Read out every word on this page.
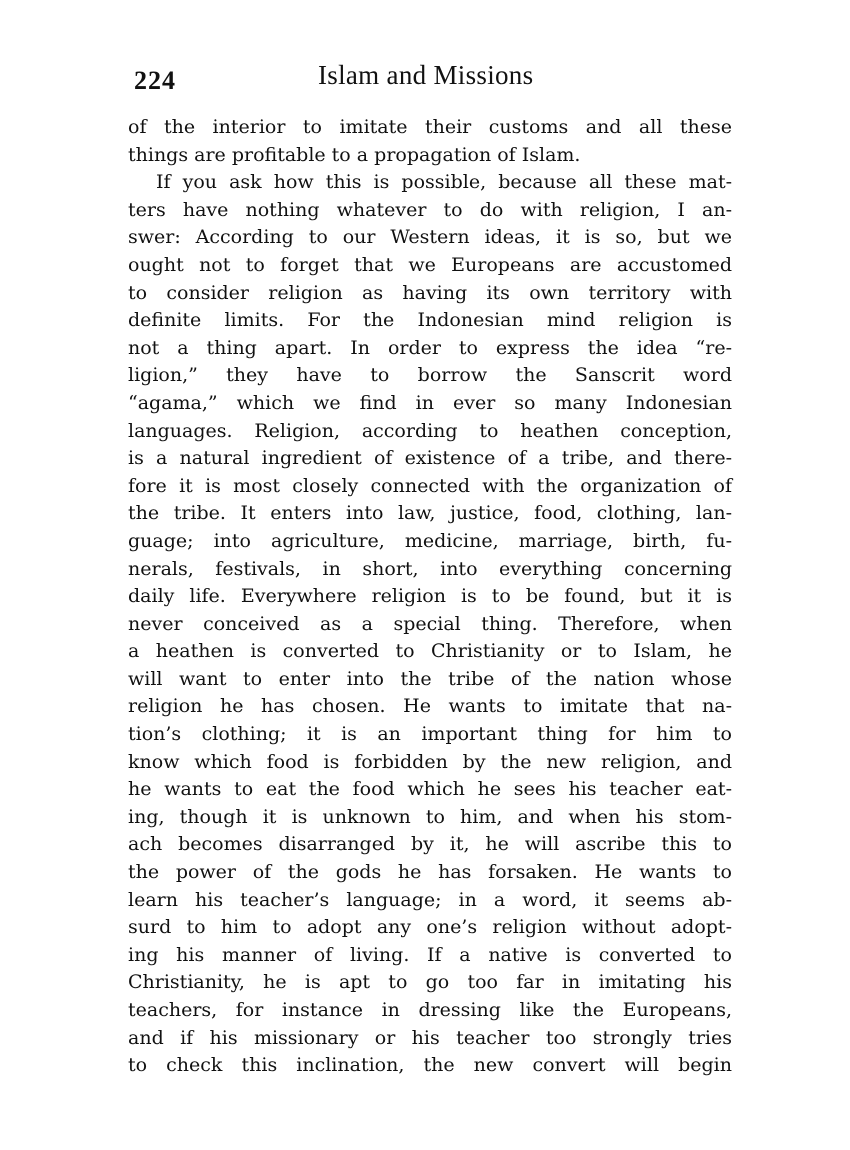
224	Islam and Missions
of the interior to imitate their customs and all these
things are profitable to a propagation of Islam.
If you ask how this is possible, because all these mat-
ters have nothing whatever to do with religion, I an-
swer: According to our Western ideas, it is so, but we
ought not to forget that we Europeans are accustomed
to consider religion as having its own territory with
definite limits. For the Indonesian mind religion is
not a thing apart. In order to express the idea “re-
ligion,” they have to borrow the Sanscrit word
“agama,” which we find in ever so many Indonesian
languages. Religion, according to heathen conception,
is a natural ingredient of existence of a tribe, and there-
fore it is most closely connected with the organization of
the tribe. It enters into law, justice, food, clothing, lan-
guage; into agriculture, medicine, marriage, birth, fu-
nerals, festivals, in short, into everything concerning
daily life. Everywhere religion is to be found, but it is
never conceived as a special thing. Therefore, when
a heathen is converted to Christianity or to Islam, he
will want to enter into the tribe of the nation whose
religion he has chosen. He wants to imitate that na-
tion’s clothing; it is an important thing for him to
know which food is forbidden by the new religion, and
he wants to eat the food which he sees his teacher eat-
ing, though it is unknown to him, and when his stom-
ach becomes disarranged by it, he will ascribe this to
the power of the gods he has forsaken. He wants to
learn his teacher’s language; in a word, it seems ab-
surd to him to adopt any one’s religion without adopt-
ing his manner of living. If a native is converted to
Christianity, he is apt to go too far in imitating his
teachers, for instance in dressing like the Europeans,
and if his missionary or his teacher too strongly tries
to check this inclination, the new convert will begin
